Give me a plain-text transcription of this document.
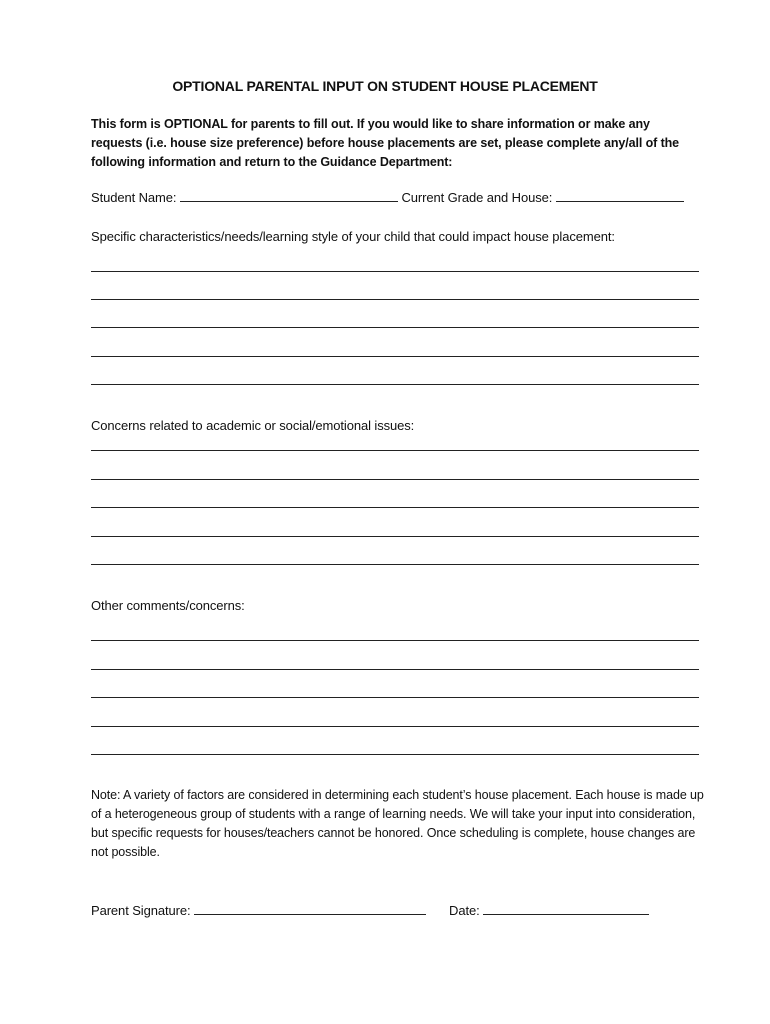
OPTIONAL PARENTAL INPUT ON STUDENT HOUSE PLACEMENT
This form is OPTIONAL for parents to fill out. If you would like to share information or make any requests (i.e. house size preference) before house placements are set, please complete any/all of the following information and return to the Guidance Department:
Student Name:	Current Grade and House:
Specific characteristics/needs/learning style of your child that could impact house placement:
Concerns related to academic or social/emotional issues:
Other comments/concerns:
Note: A variety of factors are considered in determining each student’s house placement. Each house is made up of a heterogeneous group of students with a range of learning needs. We will take your input into consideration, but specific requests for houses/teachers cannot be honored. Once scheduling is complete, house changes are not possible.
Parent Signature:	Date:
